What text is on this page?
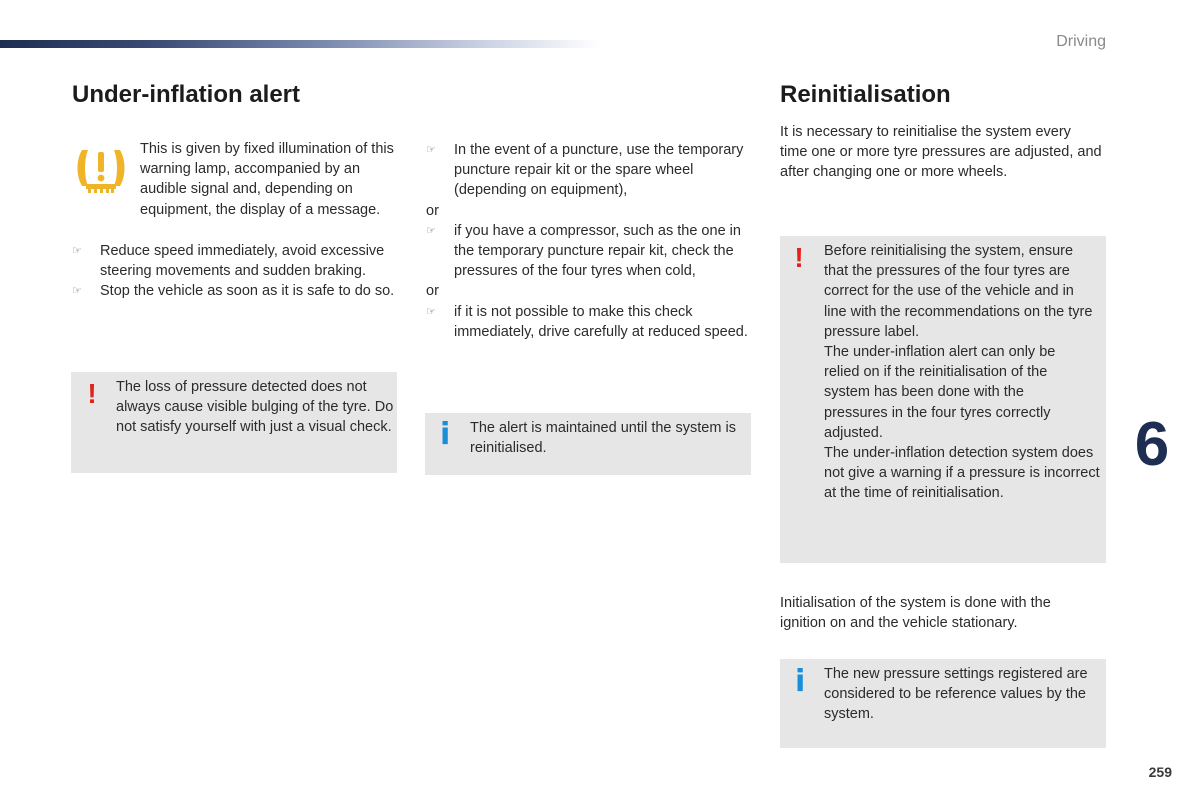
Driving
Under-inflation alert

This is given by fixed illumination of this warning lamp, accompanied by an audible signal and, depending on equipment, the display of a message.

☞ Reduce speed immediately, avoid excessive steering movements and sudden braking.
☞ Stop the vehicle as soon as it is safe to do so.
! The loss of pressure detected does not always cause visible bulging of the tyre. Do not satisfy yourself with just a visual check.
☞ In the event of a puncture, use the temporary puncture repair kit or the spare wheel (depending on equipment),
or
☞ if you have a compressor, such as the one in the temporary puncture repair kit, check the pressures of the four tyres when cold,
or
☞ if it is not possible to make this check immediately, drive carefully at reduced speed.
i The alert is maintained until the system is reinitialised.
Reinitialisation

It is necessary to reinitialise the system every time one or more tyre pressures are adjusted, and after changing one or more wheels.

! Before reinitialising the system, ensure that the pressures of the four tyres are correct for the use of the vehicle and in line with the recommendations on the tyre pressure label.
The under-inflation alert can only be relied on if the reinitialisation of the system has been done with the pressures in the four tyres correctly adjusted.
The under-inflation detection system does not give a warning if a pressure is incorrect at the time of reinitialisation.

Initialisation of the system is done with the ignition on and the vehicle stationary.

i The new pressure settings registered are considered to be reference values by the system.
6
259
